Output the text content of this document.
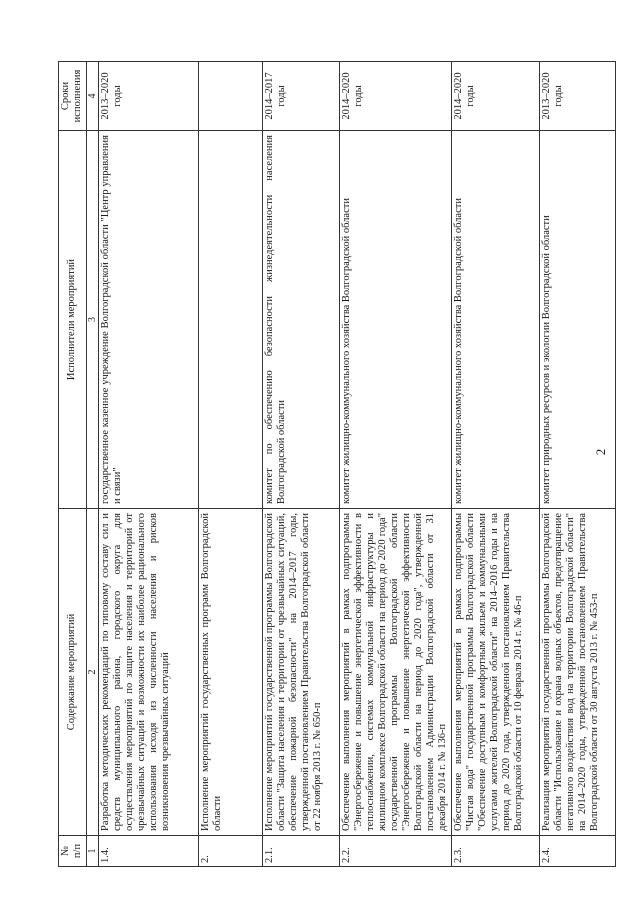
2
№
п/п	Содержание мероприятий	Исполнители мероприятий	Сроки
исполнения
1	2	3	4
1.4.	Разработка методических рекомендаций по типовому составу сил и средств муниципального района, городского округа для осуществления мероприятий по защите населения и территорий от чрезвычайных ситуаций и возможности их наиболее рационального использования исходя из численности населения и рисков возникновения чрезвычайных ситуаций	государственное казенное учреждение Волгоградской области "Центр управления и связи"	2013–2020 годы
2.	Исполнение мероприятий государственных программ Волгоградской области		
2.1.	Исполнение мероприятий государственной программы Волгоградской области "Защита населения и территории от чрезвычайных ситуаций, обеспечение пожарной безопасности" на 2014–2017 годы, утвержденной постановлением Правительства Волгоградской области от 22 ноября 2013 г. № 650-п	комитет по обеспечению безопасности жизнедеятельности населения Волгоградской области	2014–2017 годы
2.2.	Обеспечение выполнения мероприятий в рамках подпрограммы "Энергосбережение и повышение энергетической эффективности в теплоснабжении, системах коммунальной инфраструктуры и жилищном комплексе Волгоградской области на период до 2020 года" государственной программы Волгоградской области "Энергосбережение и повышение энергетической эффективности Волгоградской области на период до 2020 года", утвержденной постановлением Администрации Волгоградской области от 31 декабря 2014 г. № 136-п	комитет жилищно-коммунального хозяйства Волгоградской области	2014–2020 годы
2.3.	Обеспечение выполнения мероприятий в рамках подпрограммы "Чистая вода" государственной программы Волгоградской области "Обеспечение доступным и комфортным жильем и коммунальными услугами жителей Волгоградской области" на 2014–2016 годы и на период до 2020 года, утвержденной постановлением Правительства Волгоградской области от 10 февраля 2014 г. № 46-п	комитет жилищно-коммунального хозяйства Волгоградской области	2014–2020 годы
2.4.	Реализация мероприятий государственной программы Волгоградской области "Использование и охрана водных объектов, предотвращение негативного воздействия вод на территории Волгоградской области" на 2014–2020 годы, утвержденной постановлением Правительства Волгоградской области от 30 августа 2013 г. № 453-п	комитет природных ресурсов и экологии Волгоградской области	2013–2020 годы
